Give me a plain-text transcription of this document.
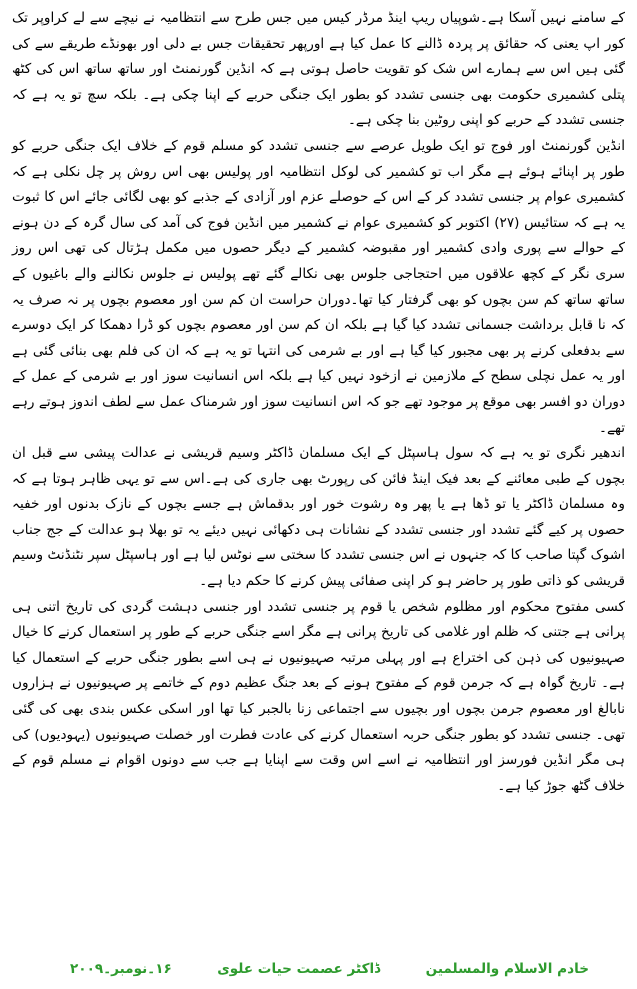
کے سامنے نہیں آسکا ہے۔شوپیاں ریپ اینڈ مرڈر کیس میں جس طرح سے انتظامیہ نے نیچے سے لے کراوپر تک کور اپ یعنی کہ حقائق پر پردہ ڈالنے کا عمل کیا ہے اورپھر تحقیقات جس بے دلی اور بھونڈے طریقے سے کی گئی ہیں اس سے ہمارے اس شک کو تقویت حاصل ہوتی ہے کہ انڈین گورنمنٹ اور ساتھ ساتھ اس کی کٹھ پتلی کشمیری حکومت بھی جنسی تشدد کو بطور ایک جنگی حربے کے اپنا چکی ہے۔ بلکہ سچ تو یہ ہے کہ جنسی تشدد کے حربے کو اپنی روٹین بنا چکی ہے۔

انڈین گورنمنٹ اور فوج تو ایک طویل عرصے سے جنسی تشدد کو مسلم قوم کے خلاف ایک جنگی حربے کو طور پر اپنائے ہوئے ہے مگر اب تو کشمیر کی لوکل انتظامیہ اور پولیس بھی اس روش پر چل نکلی ہے کہ کشمیری عوام پر جنسی تشدد کر کے اس کے حوصلے عزم اور آزادی کے جذبے کو بھی لگائی جائے اس کا ثبوت یہ ہے کہ ستائیس (۲۷) اکتوبر کو کشمیری عوام نے کشمیر میں انڈین فوج کی آمد کی سال گرہ کے دن ہونے کے حوالے سے پوری وادی کشمیر اور مقبوضہ کشمیر کے دیگر حصوں میں مکمل ہڑتال کی تھی اس روز سری نگر کے کچھ علاقوں میں احتجاجی جلوس بھی نکالے گئے تھے پولیس نے جلوس نکالنے والے باغیوں کے ساتھ ساتھ کم سن بچوں کو بھی گرفتار کیا تھا۔دوران حراست ان کم سن اور معصوم بچوں پر نہ صرف یہ کہ نا قابل برداشت جسمانی تشدد کیا گیا ہے بلکہ ان کم سن اور معصوم بچوں کو ڈرا دھمکا کر ایک دوسرے سے بدفعلی کرنے پر بھی مجبور کیا گیا ہے اور بے شرمی کی انتہا تو یہ ہے کہ ان کی فلم بھی بنائی گئی ہے اور یہ عمل نچلی سطح کے ملازمین نے ازخود نہیں کیا ہے بلکہ اس انسانیت سوز اور بے شرمی کے عمل کے دوران دو افسر بھی موقع پر موجود تھے جو کہ اس انسانیت سوز اور شرمناک عمل سے لطف اندوز ہوتے رہے تھے۔

اندھیر نگری تو یہ ہے کہ سول ہاسپٹل کے ایک مسلمان ڈاکٹر وسیم قریشی نے عدالت پیشی سے قبل ان بچوں کے طبی معائنے کے بعد فیک اینڈ فائن کی رپورٹ بھی جاری کی ہے۔اس سے تو یہی ظاہر ہوتا ہے کہ وہ مسلمان ڈاکٹر یا تو ڈھا ہے یا پھر وہ رشوت خور اور بدقماش ہے جسے بچوں کے نازک بدنوں اور خفیہ حصوں پر کیے گئے تشدد اور جنسی تشدد کے نشانات ہی دکھائی نہیں دیئے یہ تو بھلا ہو عدالت کے جج جناب اشوک گپتا صاحب کا کہ جنہوں نے اس جنسی تشدد کا سختی سے نوٹس لیا ہے اور ہاسپٹل سپر نٹنڈنٹ وسیم قریشی کو ذاتی طور پر حاضر ہو کر اپنی صفائی پیش کرنے کا حکم دیا ہے۔

کسی مفتوح محکوم اور مظلوم شخص یا قوم پر جنسی تشدد اور جنسی دہشت گردی کی تاریخ اتنی ہی پرانی ہے جتنی کہ ظلم اور غلامی کی تاریخ پرانی ہے مگر اسے جنگی حربے کے طور پر استعمال کرنے کا خیال صہیونیوں کی ذہن کی اختراع ہے اور پہلی مرتبہ صہیونیوں نے ہی اسے بطور جنگی حربے کے استعمال کیا ہے۔ تاریخ گواہ ہے کہ جرمن قوم کے مفتوح ہونے کے بعد جنگ عظیم دوم کے خاتمے پر صہیونیوں نے ہزاروں نابالغ اور معصوم جرمن بچوں اور بچیوں سے اجتماعی زنا بالجبر کیا تھا اور اسکی عکس بندی بھی کی گئی تھی۔ جنسی تشدد کو بطور جنگی حربہ استعمال کرنے کی عادت فطرت اور خصلت صہیونیوں (یہودیوں) کی ہی مگر انڈین فورسز اور انتظامیہ نے اسے اس وقت سے اپنایا ہے جب سے دونوں اقوام نے مسلم قوم کے خلاف گٹھ جوڑ کیا ہے۔

خادم الاسلام والمسلمین
ڈاکٹر عصمت حیات علوی
۱۶۔نومبر۔۲۰۰۹
